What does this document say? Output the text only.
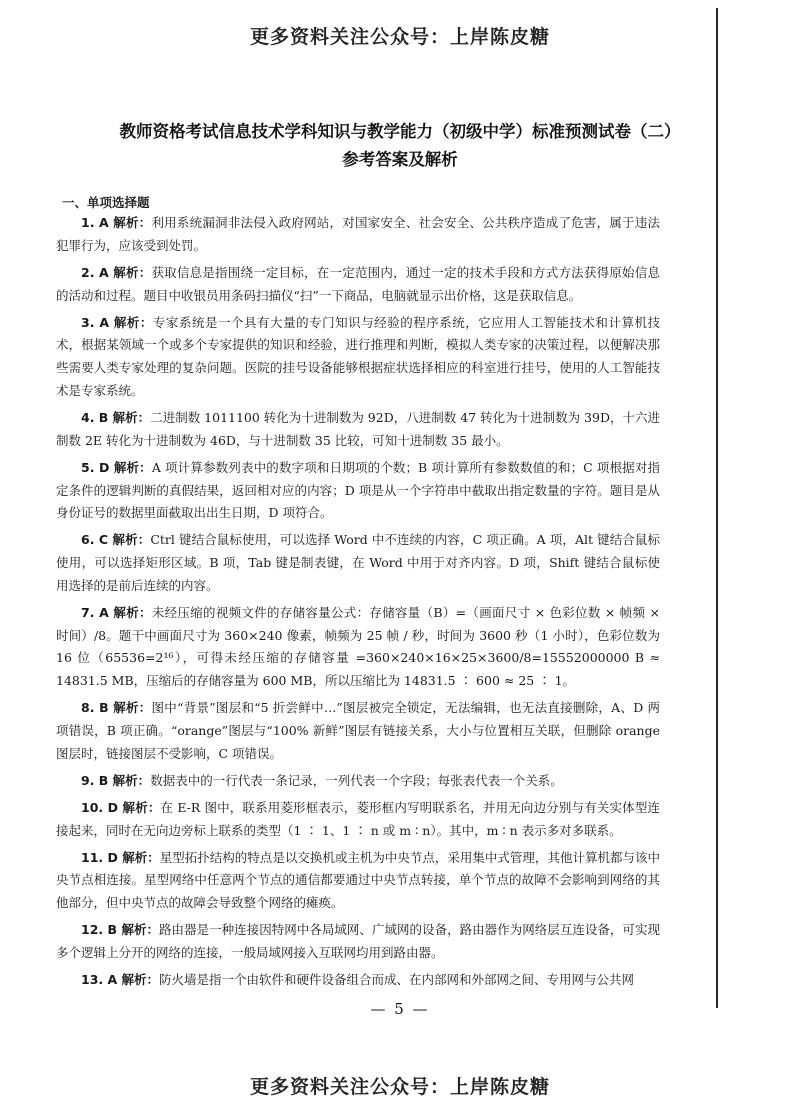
更多资料关注公众号：上岸陈皮糖
教师资格考试信息技术学科知识与教学能力（初级中学）标准预测试卷（二）
参考答案及解析
一、单项选择题

1. A 解析：利用系统漏洞非法侵入政府网站，对国家安全、社会安全、公共秩序造成了危害，属于违法犯罪行为，应该受到处罚。

2. A 解析：获取信息是指围绕一定目标，在一定范围内，通过一定的技术手段和方式方法获得原始信息的活动和过程。题目中收银员用条码扫描仪“扫”一下商品，电脑就显示出价格，这是获取信息。

3. A 解析：专家系统是一个具有大量的专门知识与经验的程序系统，它应用人工智能技术和计算机技术，根据某领域一个或多个专家提供的知识和经验，进行推理和判断，模拟人类专家的决策过程，以便解决那些需要人类专家处理的复杂问题。医院的挂号设备能够根据症状选择相应的科室进行挂号，使用的人工智能技术是专家系统。

4. B 解析：二进制数 1011100 转化为十进制数为 92D，八进制数 47 转化为十进制数为 39D，十六进制数 2E 转化为十进制数为 46D，与十进制数 35 比较，可知十进制数 35 最小。

5. D 解析：A 项计算参数列表中的数字项和日期项的个数；B 项计算所有参数数值的和；C 项根据对指定条件的逻辑判断的真假结果，返回相对应的内容；D 项是从一个字符串中截取出指定数量的字符。题目是从身份证号的数据里面截取出出生日期，D 项符合。

6. C 解析：Ctrl 键结合鼠标使用，可以选择 Word 中不连续的内容，C 项正确。A 项，Alt 键结合鼠标使用，可以选择矩形区域。B 项，Tab 键是制表键，在 Word 中用于对齐内容。D 项，Shift 键结合鼠标使用选择的是前后连续的内容。

7. A 解析：未经压缩的视频文件的存储容量公式：存储容量（B）=（画面尺寸 × 色彩位数 × 帧频 × 时间）/8。题干中画面尺寸为 360×240 像素，帧频为 25 帧 / 秒，时间为 3600 秒（1 小时），色彩位数为 16 位（65536=2¹⁶），可得未经压缩的存储容量 =360×240×16×25×3600/8=15552000000 B ≈ 14831.5 MB，压缩后的存储容量为 600 MB，所以压缩比为 14831.5 ∶ 600 ≈ 25 ∶ 1。

8. B 解析：图中“背景”图层和“5 折尝鲜中…”图层被完全锁定，无法编辑，也无法直接删除，A、D 两项错误，B 项正确。“orange”图层与“100% 新鲜”图层有链接关系，大小与位置相互关联，但删除 orange 图层时，链接图层不受影响，C 项错误。

9. B 解析：数据表中的一行代表一条记录，一列代表一个字段；每张表代表一个关系。

10. D 解析：在 E-R 图中，联系用菱形框表示，菱形框内写明联系名，并用无向边分别与有关实体型连接起来，同时在无向边旁标上联系的类型（1 ∶ 1、1 ∶ n 或 m ∶ n）。其中，m ∶ n 表示多对多联系。

11. D 解析：星型拓扑结构的特点是以交换机或主机为中央节点，采用集中式管理，其他计算机都与该中央节点相连接。星型网络中任意两个节点的通信都要通过中央节点转接，单个节点的故障不会影响到网络的其他部分，但中央节点的故障会导致整个网络的瘫痪。

12. B 解析：路由器是一种连接因特网中各局域网、广域网的设备，路由器作为网络层互连设备，可实现多个逻辑上分开的网络的连接，一般局域网接入互联网均用到路由器。

13. A 解析：防火墙是指一个由软件和硬件设备组合而成、在内部网和外部网之间、专用网与公共网

— 5 —
更多资料关注公众号：上岸陈皮糖
